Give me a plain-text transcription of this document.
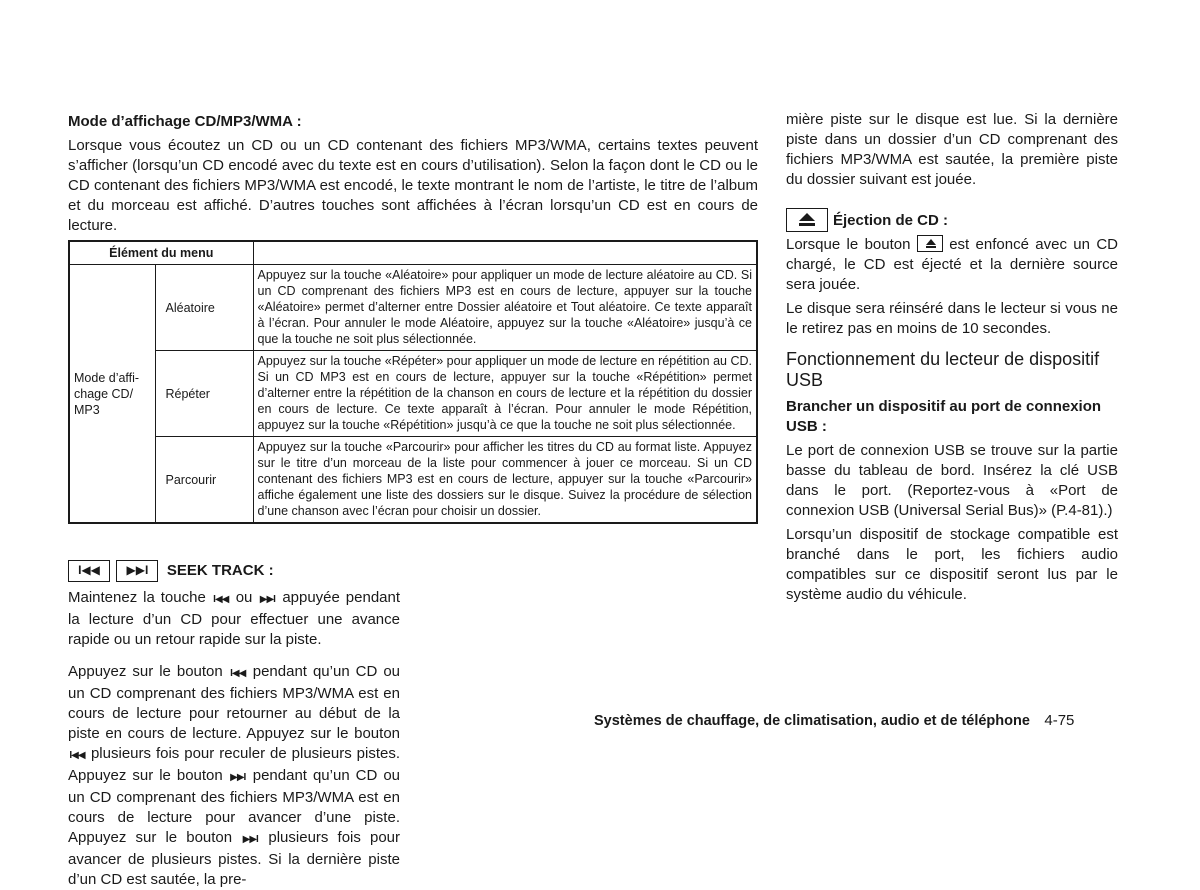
Mode d’affichage CD/MP3/WMA :

Lorsque vous écoutez un CD ou un CD contenant des fichiers MP3/WMA, certains textes peuvent s’afficher (lorsqu’un CD encodé avec du texte est en cours d’utilisation). Selon la façon dont le CD ou le CD contenant des fichiers MP3/WMA est encodé, le texte montrant le nom de l’artiste, le titre de l’album et du morceau est affiché. D’autres touches sont affichées à l’écran lorsqu’un CD est en cours de lecture.

Élément du menu		
Mode d’affi- chage CD/ MP3	Aléatoire	Appuyez sur la touche «Aléatoire» pour appliquer un mode de lecture aléatoire au CD. Si un CD comprenant des fichiers MP3 est en cours de lecture, appuyer sur la touche «Aléatoire» permet d’alterner entre Dossier aléatoire et Tout aléatoire. Ce texte apparaît à l’écran. Pour annuler le mode Aléatoire, appuyez sur la touche «Aléatoire» jusqu’à ce que la touche ne soit plus sélectionnée.
	Répéter	Appuyez sur la touche «Répéter» pour appliquer un mode de lecture en répétition au CD. Si un CD MP3 est en cours de lecture, appuyer sur la touche «Répétition» permet d’alterner entre la répétition de la chanson en cours de lecture et la répétition du dossier en cours de lecture. Ce texte apparaît à l’écran. Pour annuler le mode Répétition, appuyez sur la touche «Répétition» jusqu’à ce que la touche ne soit plus sélectionnée.
	Parcourir	Appuyez sur la touche «Parcourir» pour afficher les titres du CD au format liste. Appuyez sur le titre d’un morceau de la liste pour commencer à jouer ce morceau. Si un CD contenant des fichiers MP3 est en cours de lecture, appuyer sur la touche «Parcourir» affiche également une liste des dossiers sur le disque. Suivez la procédure de sélection d’une chanson avec l’écran pour choisir un dossier.
I◀◀ ▶▶I SEEK TRACK :

Maintenez la touche I◀◀ ou ▶▶I appuyée pendant la lecture d’un CD pour effectuer une avance rapide ou un retour rapide sur la piste.

Appuyez sur le bouton I◀◀ pendant qu’un CD ou un CD comprenant des fichiers MP3/WMA est en cours de lecture pour retourner au début de la piste en cours de lecture. Appuyez sur le bouton I◀◀ plusieurs fois pour reculer de plusieurs pistes. Appuyez sur le bouton ▶▶I pendant qu’un CD ou un CD comprenant des fichiers MP3/WMA est en cours de lecture pour avancer d’une piste. Appuyez sur le bouton ▶▶I plusieurs fois pour avancer de plusieurs pistes. Si la dernière piste d’un CD est sautée, la pre-

mière piste sur le disque est lue. Si la dernière piste dans un dossier d’un CD comprenant des fichiers MP3/WMA est sautée, la première piste du dossier suivant est jouée.

Éjection de CD :

Lorsque le bouton	est enfoncé avec un CD chargé, le CD est éjecté et la dernière source sera jouée.

Le disque sera réinséré dans le lecteur si vous ne le retirez pas en moins de 10 secondes.

Fonctionnement du lecteur de dispositif USB

Brancher un dispositif au port de connexion USB :

Le port de connexion USB se trouve sur la partie basse du tableau de bord. Insérez la clé USB dans le port. (Reportez-vous à «Port de connexion USB (Universal Serial Bus)» (P.4-81).)

Lorsqu’un dispositif de stockage compatible est branché dans le port, les fichiers audio compatibles sur ce dispositif seront lus par le système audio du véhicule.

Systèmes de chauffage, de climatisation, audio et de téléphone 4-75
